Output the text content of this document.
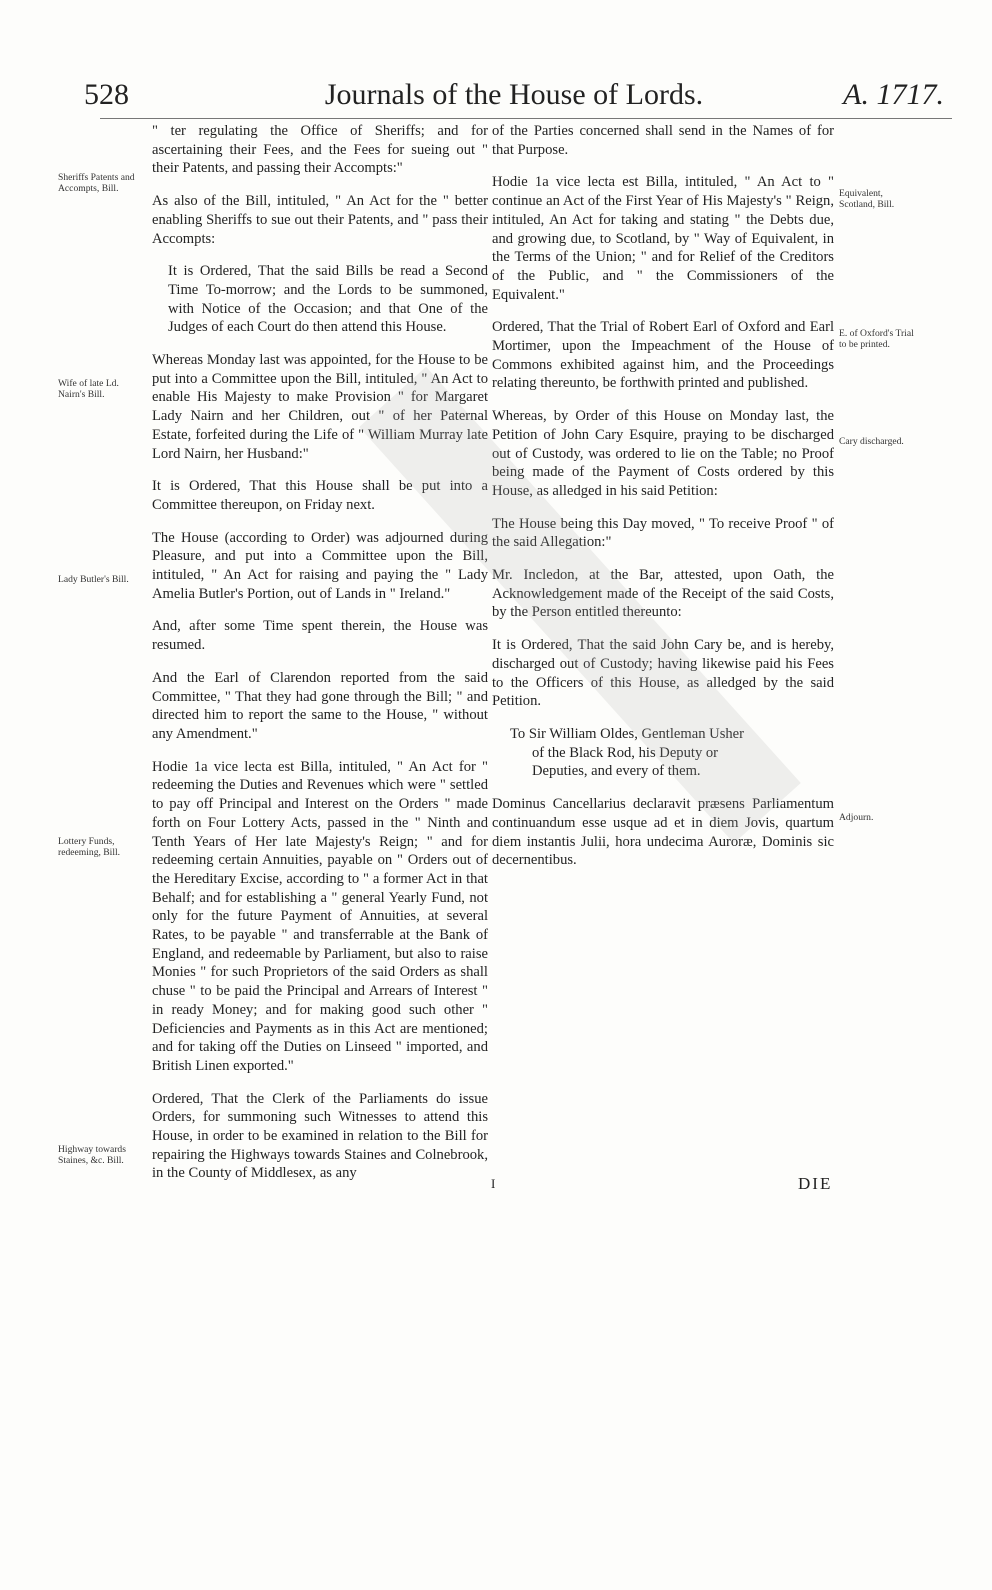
528	Journals of the House of Lords.	A. 1717.
Sheriffs Patents and Accompts, Bill.
Wife of late Ld. Nairn's Bill.
Lady Butler's Bill.
Lottery Funds, redeeming, Bill.
Highway towards Staines, &c. Bill.
Equivalent, Scotland, Bill.
E. of Oxford's Trial to be printed.
Cary discharged.
Adjourn.

" ter regulating the Office of Sheriffs; and for ascertaining their Fees, and the Fees for sueing out " their Patents, and passing their Accompts:"

As also of the Bill, intituled, " An Act for the " better enabling Sheriffs to sue out their Patents, and " pass their Accompts:

It is Ordered, That the said Bills be read a Second Time To-morrow; and the Lords to be summoned, with Notice of the Occasion; and that One of the Judges of each Court do then attend this House.

Whereas Monday last was appointed, for the House to be put into a Committee upon the Bill, intituled, " An Act to enable His Majesty to make Provision " for Margaret Lady Nairn and her Children, out " of her Paternal Estate, forfeited during the Life of " William Murray late Lord Nairn, her Husband:"

It is Ordered, That this House shall be put into a Committee thereupon, on Friday next.

The House (according to Order) was adjourned during Pleasure, and put into a Committee upon the Bill, intituled, " An Act for raising and paying the " Lady Amelia Butler's Portion, out of Lands in " Ireland."

And, after some Time spent therein, the House was resumed.

And the Earl of Clarendon reported from the said Committee, " That they had gone through the Bill; " and directed him to report the same to the House, " without any Amendment."

Hodie 1a vice lecta est Billa, intituled, " An Act for " redeeming the Duties and Revenues which were " settled to pay off Principal and Interest on the Orders " made forth on Four Lottery Acts, passed in the " Ninth and Tenth Years of Her late Majesty's Reign; " and for redeeming certain Annuities, payable on " Orders out of the Hereditary Excise, according to " a former Act in that Behalf; and for establishing a " general Yearly Fund, not only for the future Payment of Annuities, at several Rates, to be payable " and transferrable at the Bank of England, and redeemable by Parliament, but also to raise Monies " for such Proprietors of the said Orders as shall chuse " to be paid the Principal and Arrears of Interest " in ready Money; and for making good such other " Deficiencies and Payments as in this Act are mentioned; and for taking off the Duties on Linseed " imported, and British Linen exported."

Ordered, That the Clerk of the Parliaments do issue Orders, for summoning such Witnesses to attend this House, in order to be examined in relation to the Bill for repairing the Highways towards Staines and Colnebrook, in the County of Middlesex, as any

of the Parties concerned shall send in the Names of for that Purpose.

Hodie 1a vice lecta est Billa, intituled, " An Act to " continue an Act of the First Year of His Majesty's " Reign, intituled, An Act for taking and stating " the Debts due, and growing due, to Scotland, by " Way of Equivalent, in the Terms of the Union; " and for Relief of the Creditors of the Public, and " the Commissioners of the Equivalent."

Ordered, That the Trial of Robert Earl of Oxford and Earl Mortimer, upon the Impeachment of the House of Commons exhibited against him, and the Proceedings relating thereunto, be forthwith printed and published.

Whereas, by Order of this House on Monday last, the Petition of John Cary Esquire, praying to be discharged out of Custody, was ordered to lie on the Table; no Proof being made of the Payment of Costs ordered by this House, as alledged in his said Petition:

The House being this Day moved, " To receive Proof " of the said Allegation:"

Mr. Incledon, at the Bar, attested, upon Oath, the Acknowledgement made of the Receipt of the said Costs, by the Person entitled thereunto:

It is Ordered, That the said John Cary be, and is hereby, discharged out of Custody; having likewise paid his Fees to the Officers of this House, as alledged by the said Petition.

To Sir William Oldes, Gentleman Usher
of the Black Rod, his Deputy or
Deputies, and every of them.

Dominus Cancellarius declaravit præsens Parliamentum continuandum esse usque ad et in diem Jovis, quartum diem instantis Julii, hora undecima Auroræ, Dominis sic decernentibus.

I	DIE
